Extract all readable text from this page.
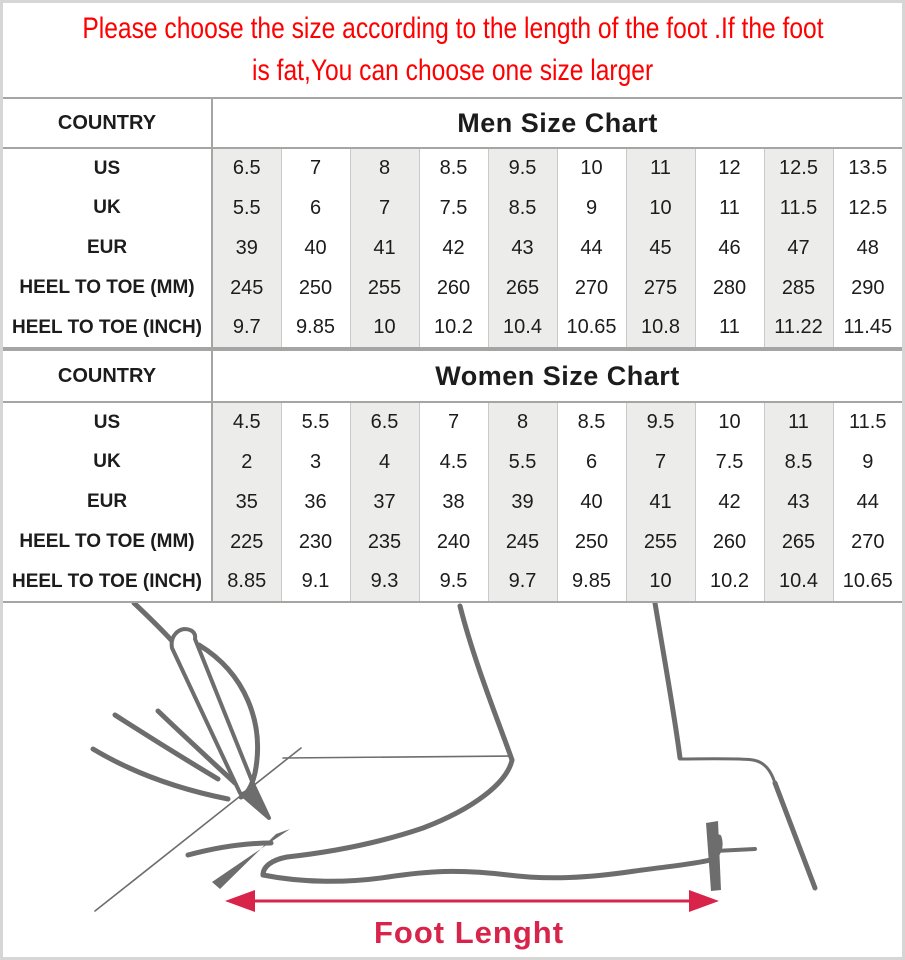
Please choose the size according to the length of the foot .If the foot
is fat,You can choose one size larger
COUNTRY	Men Size Chart									
US	6.5	7	8	8.5	9.5	10	11	12	12.5	13.5
UK	5.5	6	7	7.5	8.5	9	10	11	11.5	12.5
EUR	39	40	41	42	43	44	45	46	47	48
HEEL TO TOE (MM)	245	250	255	260	265	270	275	280	285	290
HEEL TO TOE (INCH)	9.7	9.85	10	10.2	10.4	10.65	10.8	11	11.22	11.45
COUNTRY	Women Size Chart									
US	4.5	5.5	6.5	7	8	8.5	9.5	10	11	11.5
UK	2	3	4	4.5	5.5	6	7	7.5	8.5	9
EUR	35	36	37	38	39	40	41	42	43	44
HEEL TO TOE (MM)	225	230	235	240	245	250	255	260	265	270
HEEL TO TOE (INCH)	8.85	9.1	9.3	9.5	9.7	9.85	10	10.2	10.4	10.65
Foot Lenght
